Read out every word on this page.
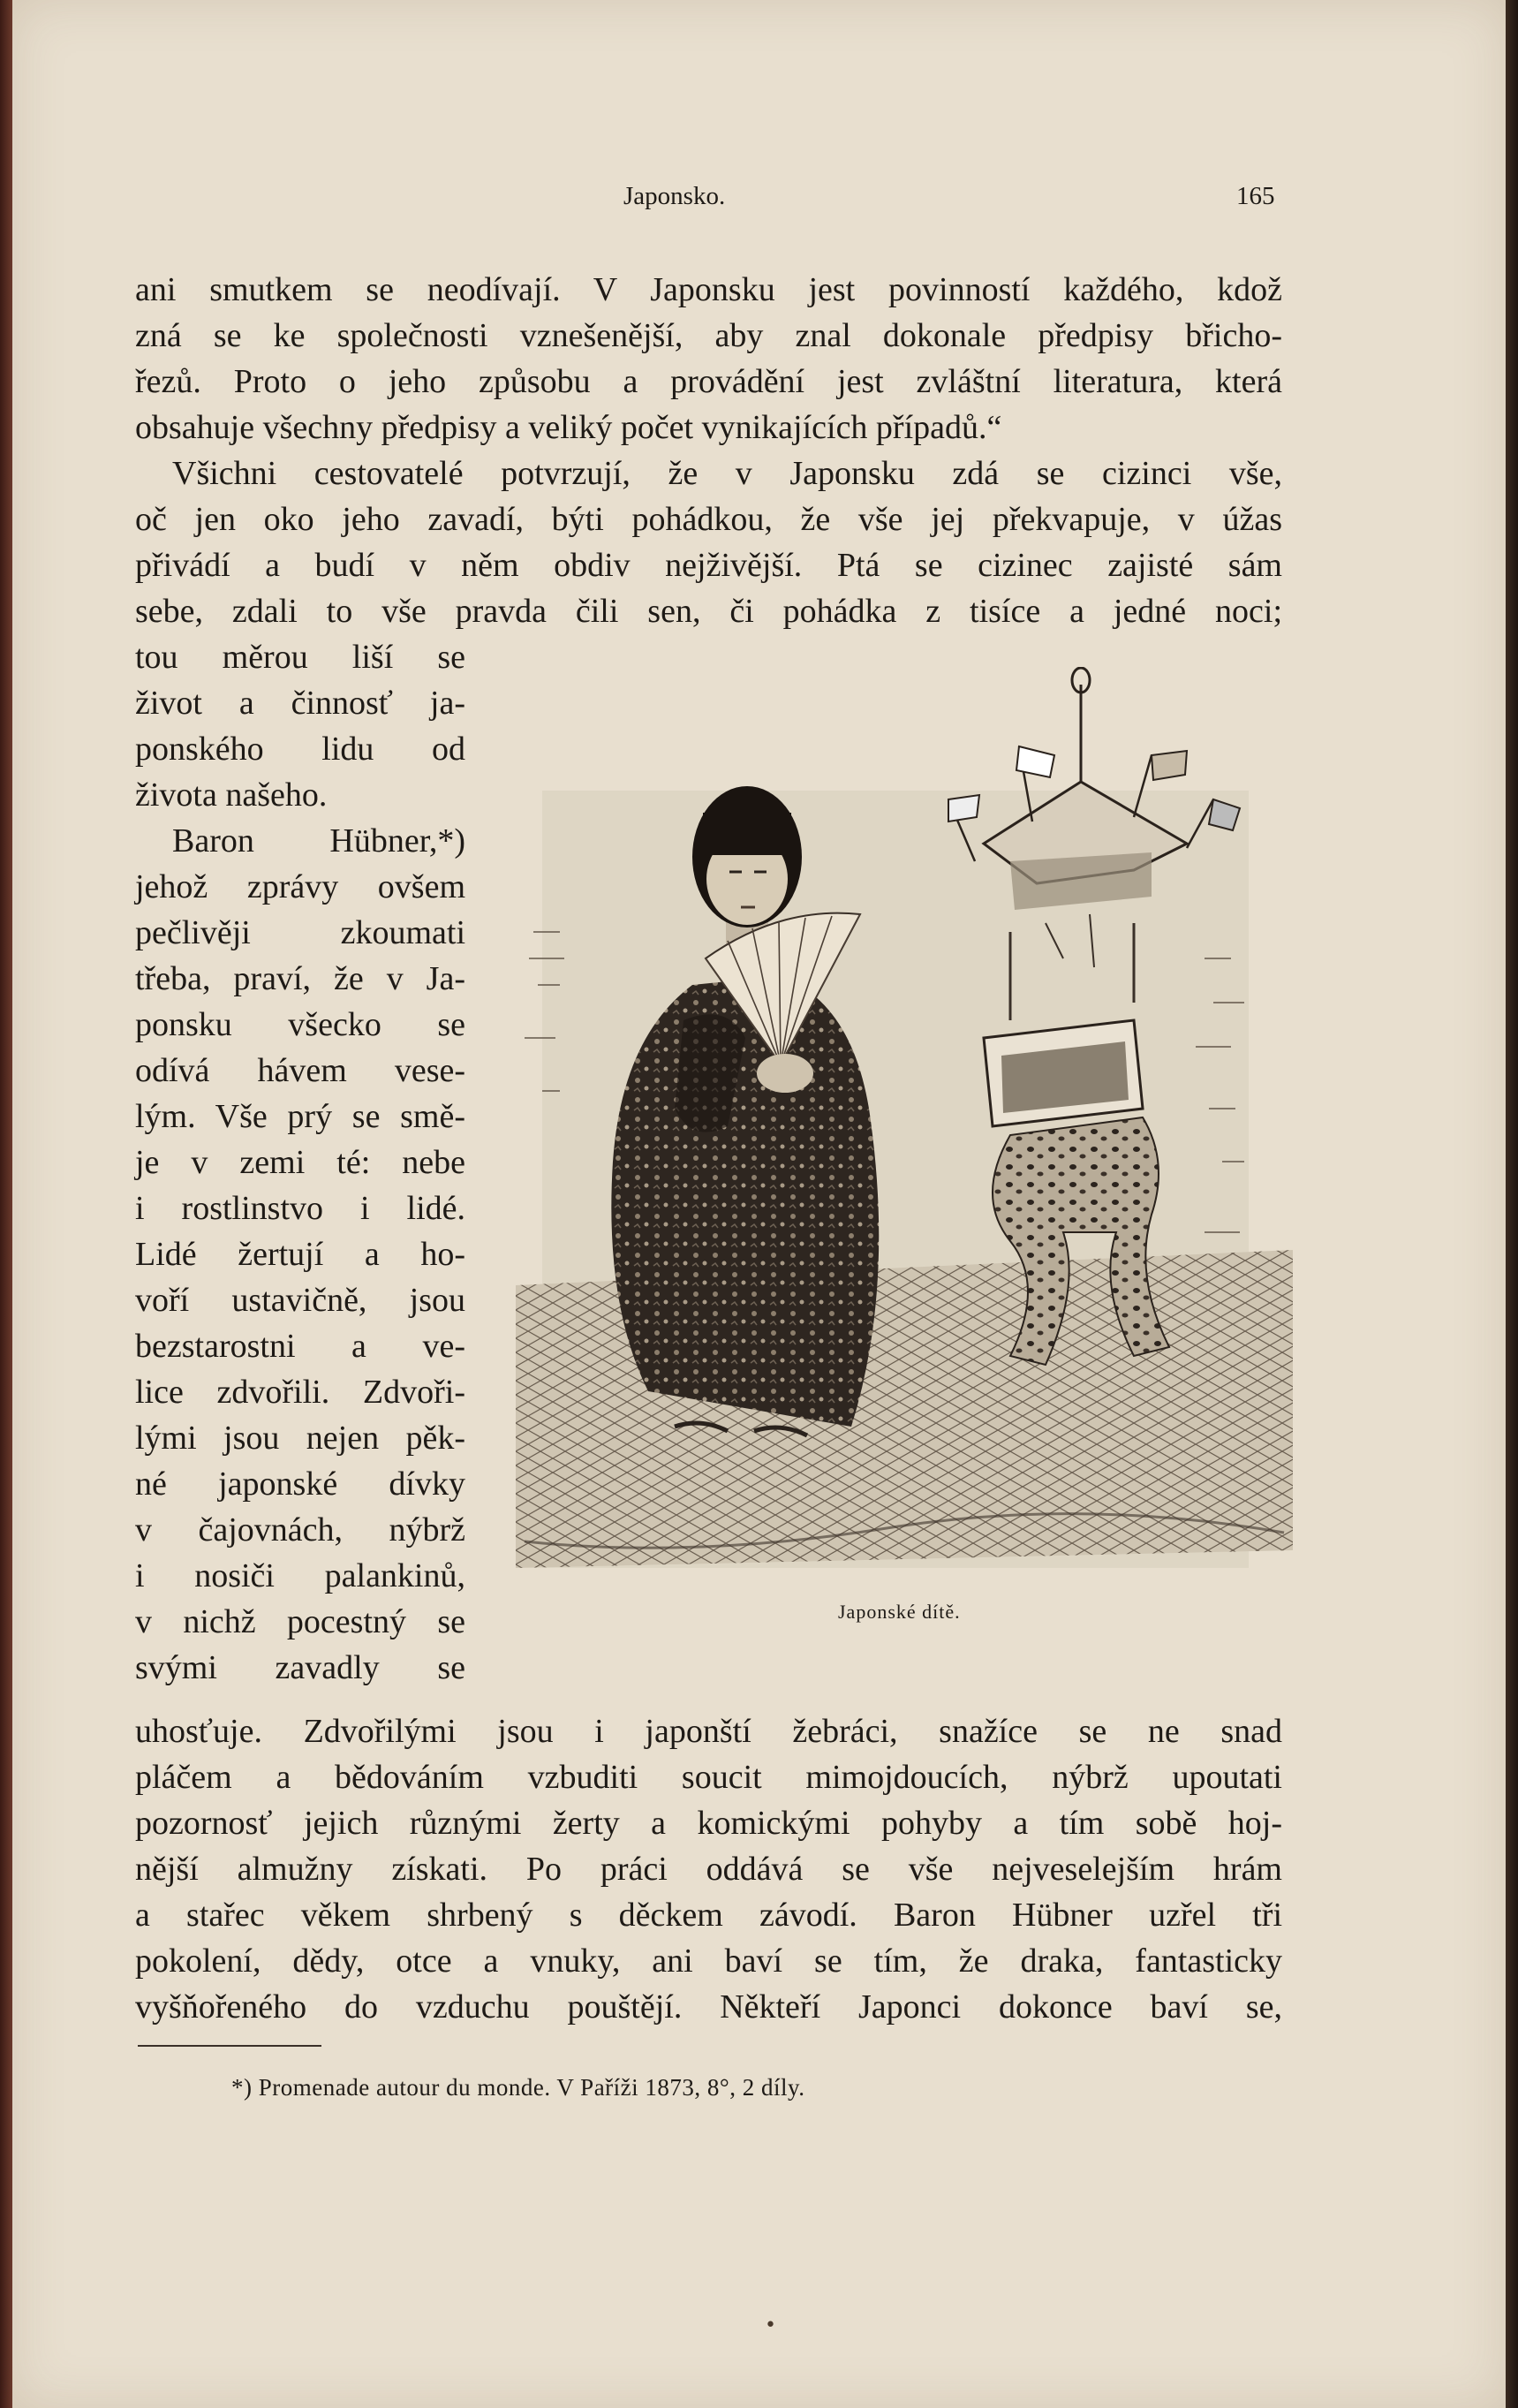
Japonsko.	165
ani smutkem se neodívají. V Japonsku jest povinností každého, kdož
zná se ke společnosti vznešenější, aby znal dokonale předpisy břicho-
řezů. Proto o jeho způsobu a provádění jest zvláštní literatura, která
obsahuje všechny předpisy a veliký počet vynikajících případů.“
Všichni cestovatelé potvrzují, že v Japonsku zdá se cizinci vše,
oč jen oko jeho zavadí, býti pohádkou, že vše jej překvapuje, v úžas
přivádí a budí v něm obdiv nejživější. Ptá se cizinec zajisté sám
sebe, zdali to vše pravda čili sen, či pohádka z tisíce a jedné noci;
tou měrou liší se
život a činnosť ja-
ponského lidu od
života našeho.
Baron Hübner,*)
jehož zprávy ovšem
pečlivěji zkoumati
třeba, praví, že v Ja-
ponsku všecko se
odívá hávem vese-
lým. Vše prý se smě-
je v zemi té: nebe
i rostlinstvo i lidé.
Lidé žertují a ho-
voří ustavičně, jsou
bezstarostni a ve-
lice zdvořili. Zdvoři-
lými jsou nejen pěk-
né japonské dívky
v čajovnách, nýbrž
i nosiči palankinů,
v nichž pocestný se
svými zavadly se
Japonské dítě.
uhosťuje. Zdvořilými jsou i japonští žebráci, snažíce se ne snad
pláčem a bědováním vzbuditi soucit mimojdoucích, nýbrž upoutati
pozornosť jejich různými žerty a komickými pohyby a tím sobě hoj-
nější almužny získati. Po práci oddává se vše nejveselejším hrám
a stařec věkem shrbený s děckem závodí. Baron Hübner uzřel tři
pokolení, dědy, otce a vnuky, ani baví se tím, že draka, fantasticky
vyšňořeného do vzduchu pouštějí. Někteří Japonci dokonce baví se,
*) Promenade autour du monde. V Paříži 1873, 8°, 2 díly.
•
